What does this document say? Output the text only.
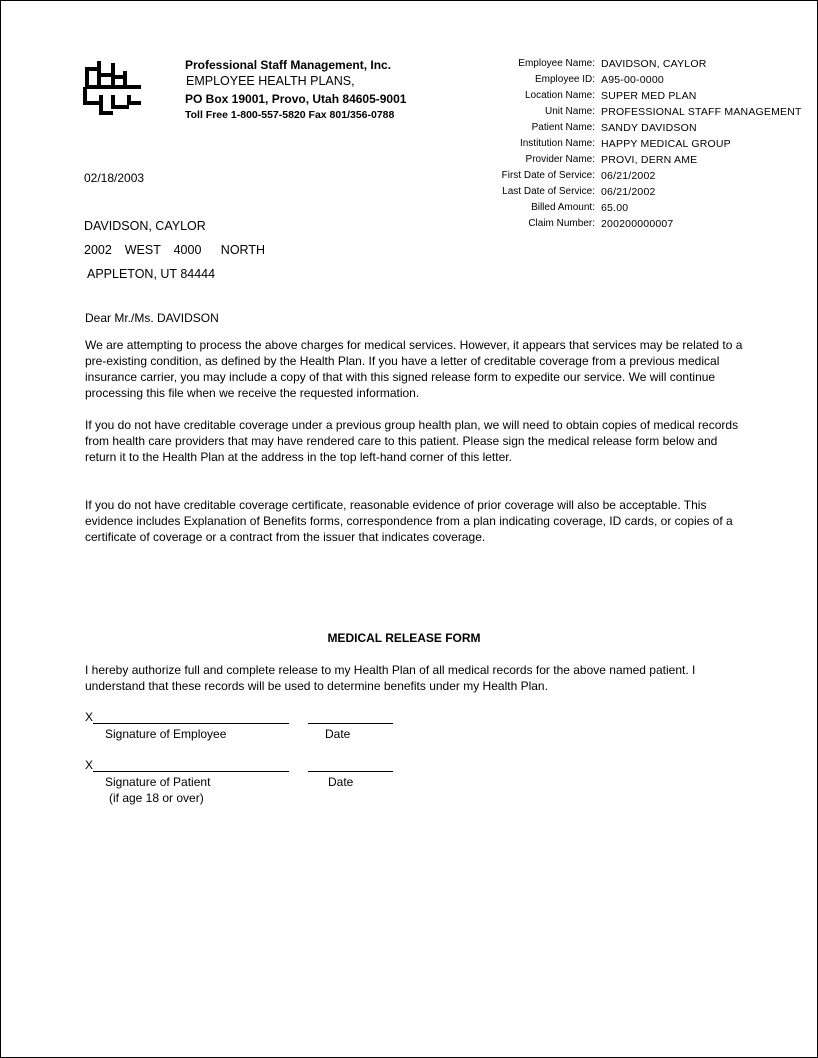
Professional Staff Management, Inc.
EMPLOYEE HEALTH PLANS,
PO Box 19001, Provo, Utah 84605-9001
Toll Free 1-800-557-5820 Fax 801/356-0788
Employee Name: DAVIDSON, CAYLOR
Employee ID: A95-00-0000
Location Name: SUPER MED PLAN
Unit Name: PROFESSIONAL STAFF MANAGEMENT
Patient Name: SANDY DAVIDSON
Institution Name: HAPPY MEDICAL GROUP
Provider Name: PROVI, DERN AME
First Date of Service: 06/21/2002
Last Date of Service: 06/21/2002
Billed Amount: 65.00
Claim Number: 200200000007
02/18/2003
DAVIDSON, CAYLOR
2002  WEST  4000   NORTH
APPLETON, UT 84444
Dear Mr./Ms. DAVIDSON
We are attempting to process the above charges for medical services. However, it appears that services may be related to a pre-existing condition, as defined by the Health Plan. If you have a letter of creditable coverage from a previous medical insurance carrier, you may include a copy of that with this signed release form to expedite our service. We will continue processing this file when we receive the requested information.
If you do not have creditable coverage under a previous group health plan, we will need to obtain copies of medical records from health care providers that may have rendered care to this patient. Please sign the medical release form below and return it to the Health Plan at the address in the top left-hand corner of this letter.
If you do not have creditable coverage certificate, reasonable evidence of prior coverage will also be acceptable. This evidence includes Explanation of Benefits forms, correspondence from a plan indicating coverage, ID cards, or copies of a certificate of coverage or a contract from the issuer that indicates coverage.
MEDICAL RELEASE FORM
I hereby authorize full and complete release to my Health Plan of all medical records for the above named patient. I understand that these records will be used to determine benefits under my Health Plan.
X
Signature of Employee	Date
X
Signature of Patient	Date
(if age 18 or over)
